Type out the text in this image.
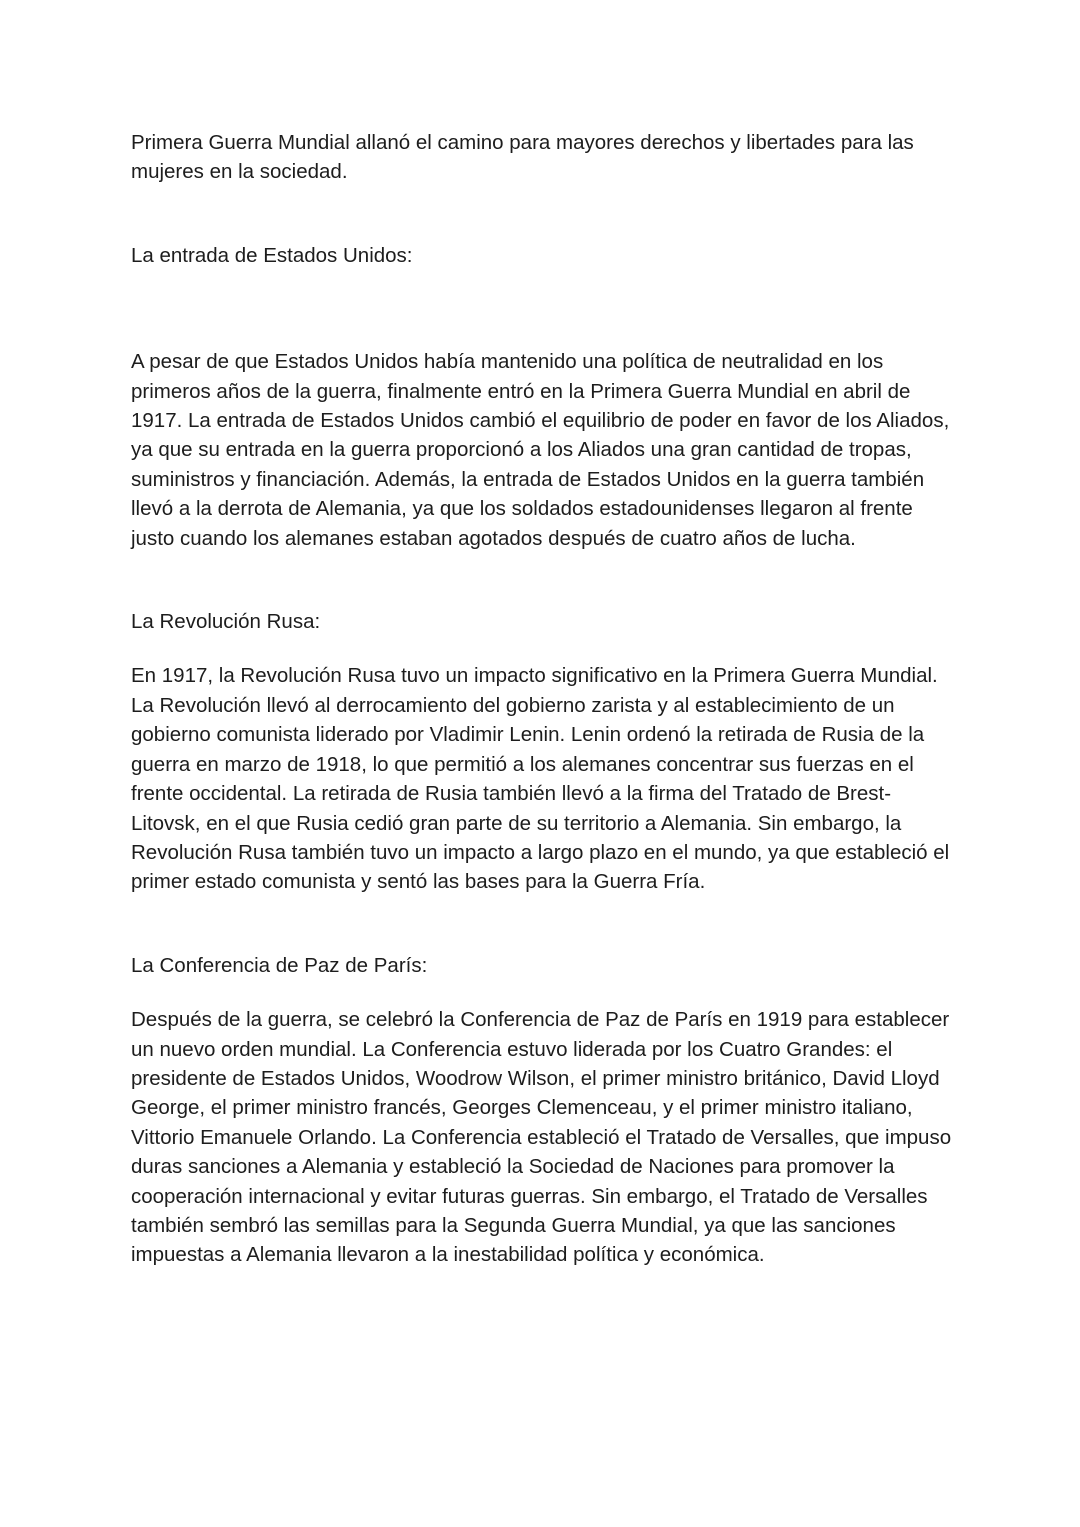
Primera Guerra Mundial allanó el camino para mayores derechos y libertades para las mujeres en la sociedad.

La entrada de Estados Unidos:

A pesar de que Estados Unidos había mantenido una política de neutralidad en los primeros años de la guerra, finalmente entró en la Primera Guerra Mundial en abril de 1917. La entrada de Estados Unidos cambió el equilibrio de poder en favor de los Aliados, ya que su entrada en la guerra proporcionó a los Aliados una gran cantidad de tropas, suministros y financiación. Además, la entrada de Estados Unidos en la guerra también llevó a la derrota de Alemania, ya que los soldados estadounidenses llegaron al frente justo cuando los alemanes estaban agotados después de cuatro años de lucha.

La Revolución Rusa:

En 1917, la Revolución Rusa tuvo un impacto significativo en la Primera Guerra Mundial. La Revolución llevó al derrocamiento del gobierno zarista y al establecimiento de un gobierno comunista liderado por Vladimir Lenin. Lenin ordenó la retirada de Rusia de la guerra en marzo de 1918, lo que permitió a los alemanes concentrar sus fuerzas en el frente occidental. La retirada de Rusia también llevó a la firma del Tratado de Brest-Litovsk, en el que Rusia cedió gran parte de su territorio a Alemania. Sin embargo, la Revolución Rusa también tuvo un impacto a largo plazo en el mundo, ya que estableció el primer estado comunista y sentó las bases para la Guerra Fría.

La Conferencia de Paz de París:

Después de la guerra, se celebró la Conferencia de Paz de París en 1919 para establecer un nuevo orden mundial. La Conferencia estuvo liderada por los Cuatro Grandes: el presidente de Estados Unidos, Woodrow Wilson, el primer ministro británico, David Lloyd George, el primer ministro francés, Georges Clemenceau, y el primer ministro italiano, Vittorio Emanuele Orlando. La Conferencia estableció el Tratado de Versalles, que impuso duras sanciones a Alemania y estableció la Sociedad de Naciones para promover la cooperación internacional y evitar futuras guerras. Sin embargo, el Tratado de Versalles también sembró las semillas para la Segunda Guerra Mundial, ya que las sanciones impuestas a Alemania llevaron a la inestabilidad política y económica.
